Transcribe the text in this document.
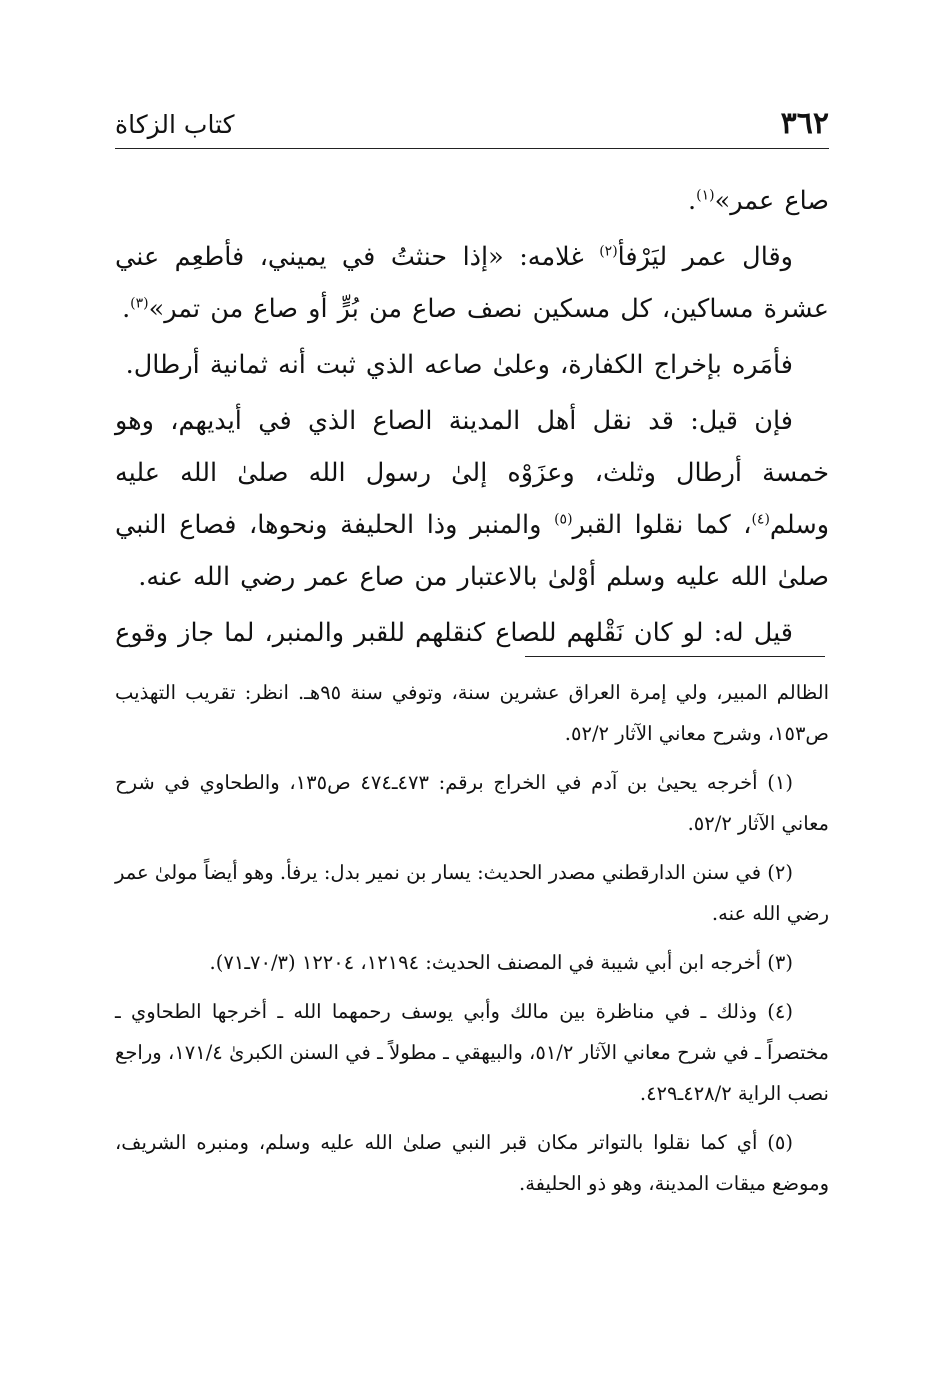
٣٦٢
كتاب الزكاة

صاع عمر»$^{(١)}$.

وقال عمر ليَرْفأ$^{(٢)}$ غلامه: «إذا حنثتُ في يميني، فأطعِم عني عشرة مساكين، كل مسكين نصف صاع من بُرٍّ أو صاع من تمر»$^{(٣)}$.

فأمَره بإخراج الكفارة، وعلىٰ صاعه الذي ثبت أنه ثمانية أرطال.

فإن قيل: قد نقل أهل المدينة الصاع الذي في أيديهم، وهو خمسة أرطال وثلث، وعزَوْه إلىٰ رسول الله صلىٰ الله عليه وسلم$^{(٤)}$، كما نقلوا القبر$^{(٥)}$ والمنبر وذا الحليفة ونحوها، فصاع النبي صلىٰ الله عليه وسلم أوْلىٰ بالاعتبار من صاع عمر رضي الله عنه.

قيل له: لو كان نَقْلهم للصاع كنقلهم للقبر والمنبر، لما جاز وقوع

الظالم المبير، ولي إمرة العراق عشرين سنة، وتوفي سنة ٩٥هـ. انظر: تقريب التهذيب ص١٥٣، وشرح معاني الآثار ٥٢/٢.

(١) أخرجه يحيىٰ بن آدم في الخراج برقم: ٤٧٣ـ٤٧٤ ص١٣٥، والطحاوي في شرح معاني الآثار ٥٢/٢.

(٢) في سنن الدارقطني مصدر الحديث: يسار بن نمير بدل: يرفأ. وهو أيضاً مولىٰ عمر رضي الله عنه.

(٣) أخرجه ابن أبي شيبة في المصنف الحديث: ١٢١٩٤، ١٢٢٠٤ (٧٠/٣ـ٧١).

(٤) وذلك ـ في مناظرة بين مالك وأبي يوسف رحمهما الله ـ أخرجها الطحاوي ـ مختصراً ـ في شرح معاني الآثار ٥١/٢، والبيهقي ـ مطولاً ـ في السنن الكبرىٰ ١٧١/٤، وراجع نصب الراية ٤٢٨/٢ـ٤٢٩.

(٥) أي كما نقلوا بالتواتر مكان قبر النبي صلىٰ الله عليه وسلم، ومنبره الشريف، وموضع ميقات المدينة، وهو ذو الحليفة.
